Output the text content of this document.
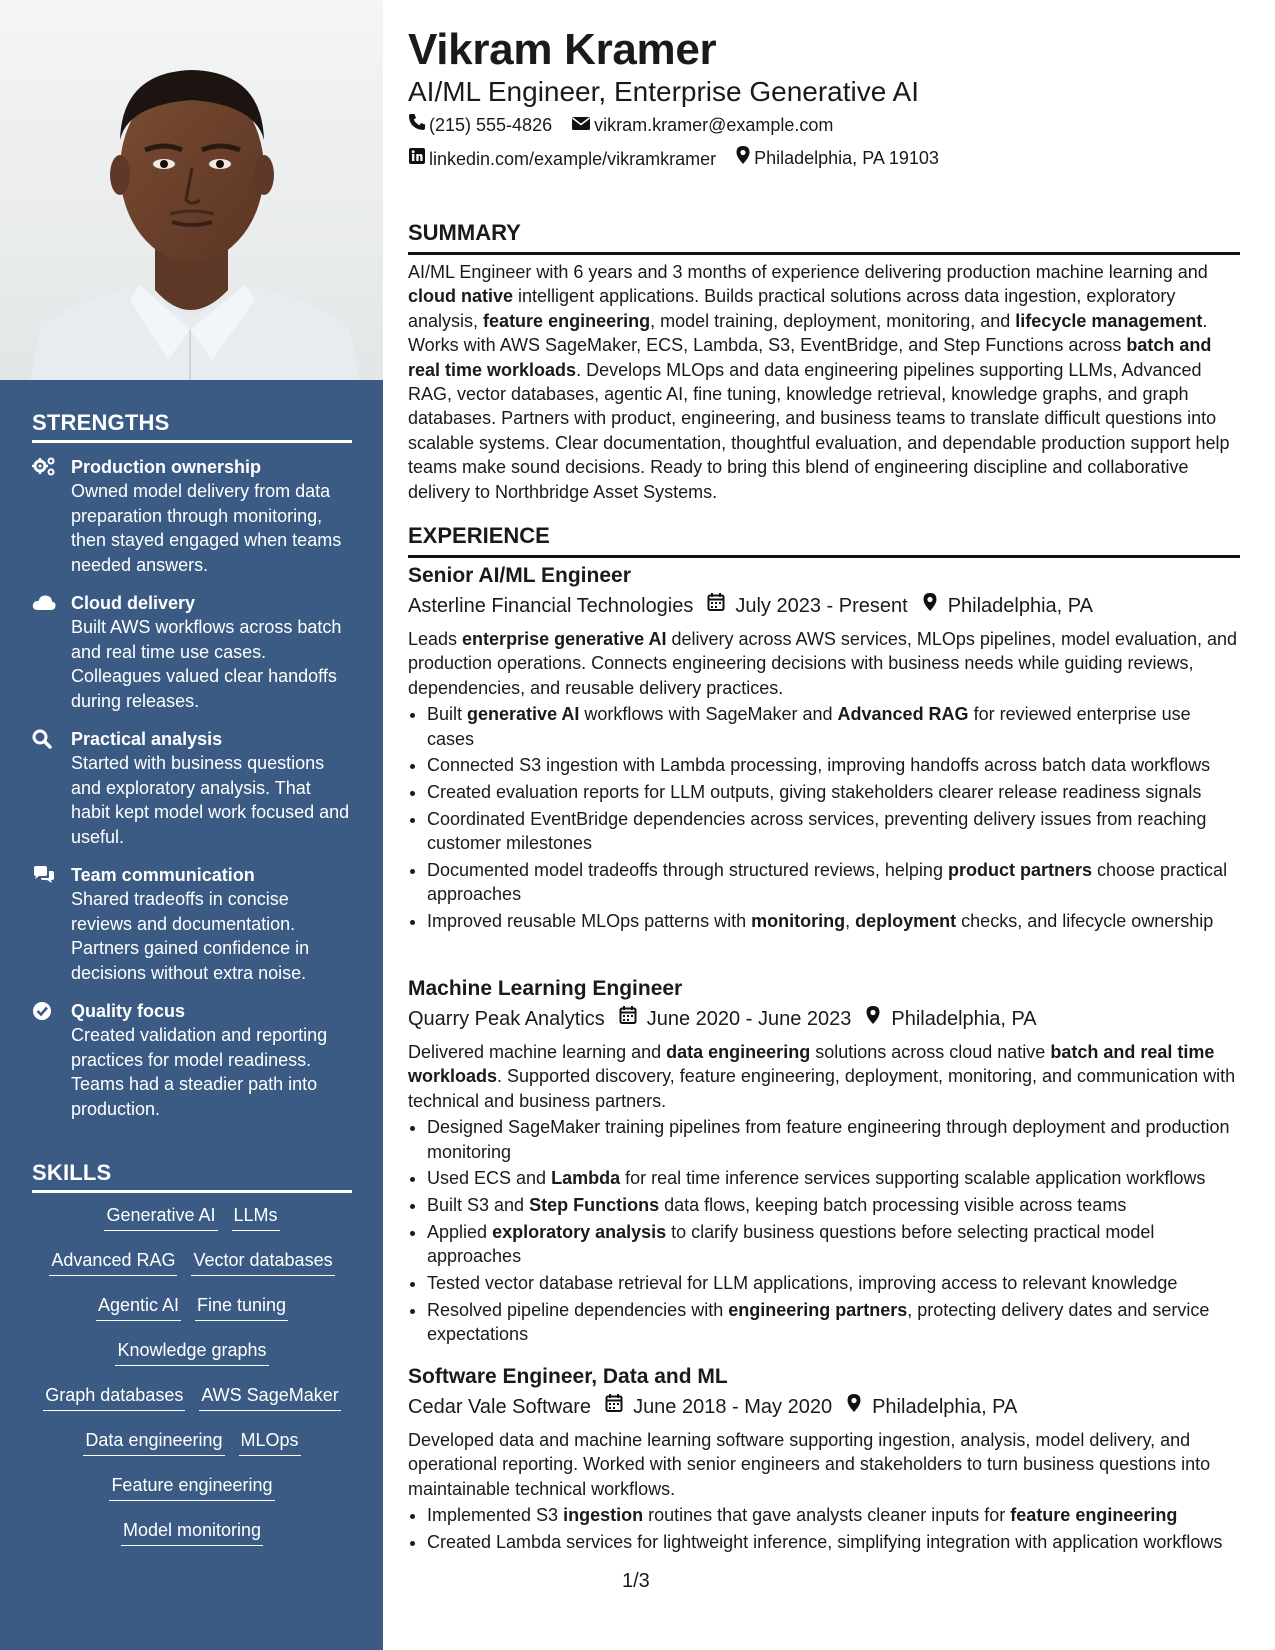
STRENGTHS
Production ownership
Owned model delivery from data preparation through monitoring, then stayed engaged when teams needed answers.
Cloud delivery
Built AWS workflows across batch and real time use cases. Colleagues valued clear handoffs during releases.
Practical analysis
Started with business questions and exploratory analysis. That habit kept model work focused and useful.
Team communication
Shared tradeoffs in concise reviews and documentation. Partners gained confidence in decisions without extra noise.
Quality focus
Created validation and reporting practices for model readiness. Teams had a steadier path into production.
SKILLS
Generative AI LLMs
Advanced RAG Vector databases
Agentic AI Fine tuning
Knowledge graphs
Graph databases AWS SageMaker
Data engineering MLOps
Feature engineering
Model monitoring
Vikram Kramer
AI/ML Engineer, Enterprise Generative AI
(215) 555-4826
vikram.kramer@example.com
linkedin.com/example/vikramkramer
Philadelphia, PA 19103
SUMMARY
AI/ML Engineer with 6 years and 3 months of experience delivering production machine learning and cloud native intelligent applications. Builds practical solutions across data ingestion, exploratory analysis, feature engineering, model training, deployment, monitoring, and lifecycle management. Works with AWS SageMaker, ECS, Lambda, S3, EventBridge, and Step Functions across batch and real time workloads. Develops MLOps and data engineering pipelines supporting LLMs, Advanced RAG, vector databases, agentic AI, fine tuning, knowledge retrieval, knowledge graphs, and graph databases. Partners with product, engineering, and business teams to translate difficult questions into scalable systems. Clear documentation, thoughtful evaluation, and dependable production support help teams make sound decisions. Ready to bring this blend of engineering discipline and collaborative delivery to Northbridge Asset Systems.
EXPERIENCE
Senior AI/ML Engineer
Asterline Financial Technologies July 2023 - Present Philadelphia, PA
Leads enterprise generative AI delivery across AWS services, MLOps pipelines, model evaluation, and production operations. Connects engineering decisions with business needs while guiding reviews, dependencies, and reusable delivery practices.
• Built generative AI workflows with SageMaker and Advanced RAG for reviewed enterprise use cases
• Connected S3 ingestion with Lambda processing, improving handoffs across batch data workflows
• Created evaluation reports for LLM outputs, giving stakeholders clearer release readiness signals
• Coordinated EventBridge dependencies across services, preventing delivery issues from reaching customer milestones
• Documented model tradeoffs through structured reviews, helping product partners choose practical approaches
• Improved reusable MLOps patterns with monitoring, deployment checks, and lifecycle ownership
Machine Learning Engineer
Quarry Peak Analytics June 2020 - June 2023 Philadelphia, PA
Delivered machine learning and data engineering solutions across cloud native batch and real time workloads. Supported discovery, feature engineering, deployment, monitoring, and communication with technical and business partners.
• Designed SageMaker training pipelines from feature engineering through deployment and production monitoring
• Used ECS and Lambda for real time inference services supporting scalable application workflows
• Built S3 and Step Functions data flows, keeping batch processing visible across teams
• Applied exploratory analysis to clarify business questions before selecting practical model approaches
• Tested vector database retrieval for LLM applications, improving access to relevant knowledge
• Resolved pipeline dependencies with engineering partners, protecting delivery dates and service expectations
Software Engineer, Data and ML
Cedar Vale Software June 2018 - May 2020 Philadelphia, PA
Developed data and machine learning software supporting ingestion, analysis, model delivery, and operational reporting. Worked with senior engineers and stakeholders to turn business questions into maintainable technical workflows.
• Implemented S3 ingestion routines that gave analysts cleaner inputs for feature engineering
• Created Lambda services for lightweight inference, simplifying integration with application workflows
1/3
